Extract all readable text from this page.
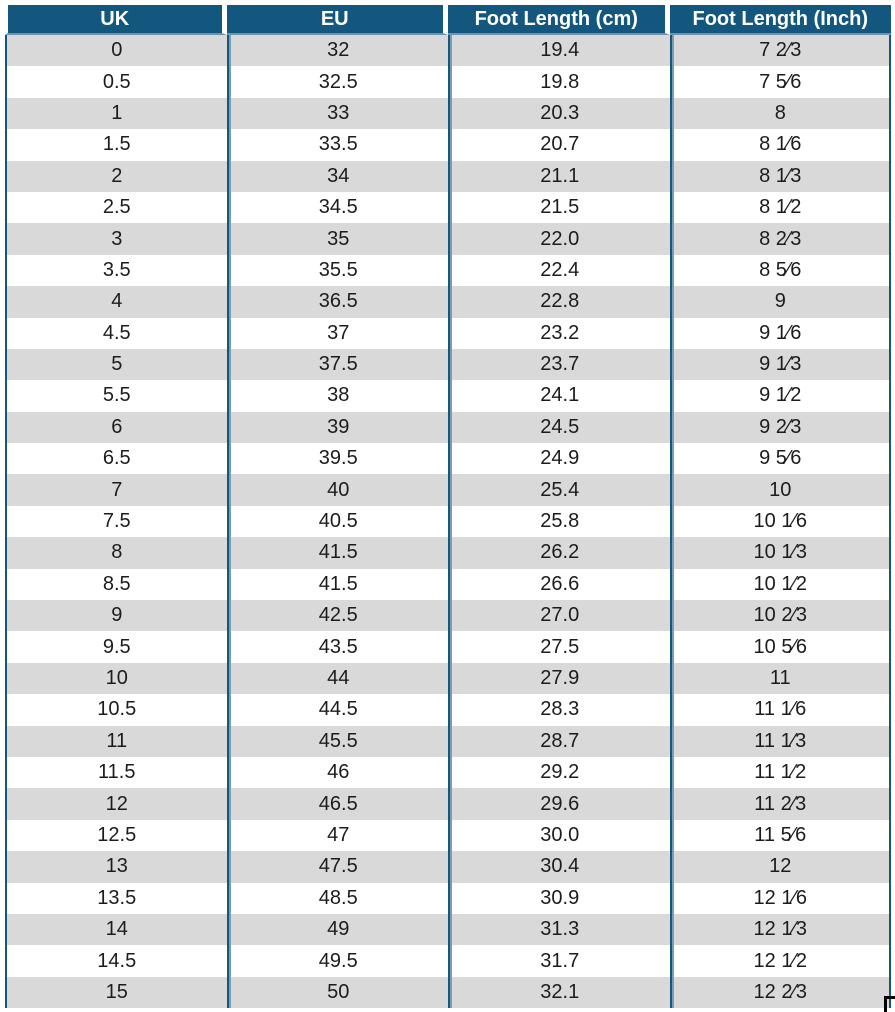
UK	EU	Foot Length (cm)	Foot Length (Inch)
0	32	19.4	7 2⁄3
0.5	32.5	19.8	7 5⁄6
1	33	20.3	8
1.5	33.5	20.7	8 1⁄6
2	34	21.1	8 1⁄3
2.5	34.5	21.5	8 1⁄2
3	35	22.0	8 2⁄3
3.5	35.5	22.4	8 5⁄6
4	36.5	22.8	9
4.5	37	23.2	9 1⁄6
5	37.5	23.7	9 1⁄3
5.5	38	24.1	9 1⁄2
6	39	24.5	9 2⁄3
6.5	39.5	24.9	9 5⁄6
7	40	25.4	10
7.5	40.5	25.8	10 1⁄6
8	41.5	26.2	10 1⁄3
8.5	41.5	26.6	10 1⁄2
9	42.5	27.0	10 2⁄3
9.5	43.5	27.5	10 5⁄6
10	44	27.9	11
10.5	44.5	28.3	11 1⁄6
11	45.5	28.7	11 1⁄3
11.5	46	29.2	11 1⁄2
12	46.5	29.6	11 2⁄3
12.5	47	30.0	11 5⁄6
13	47.5	30.4	12
13.5	48.5	30.9	12 1⁄6
14	49	31.3	12 1⁄3
14.5	49.5	31.7	12 1⁄2
15	50	32.1	12 2⁄3
